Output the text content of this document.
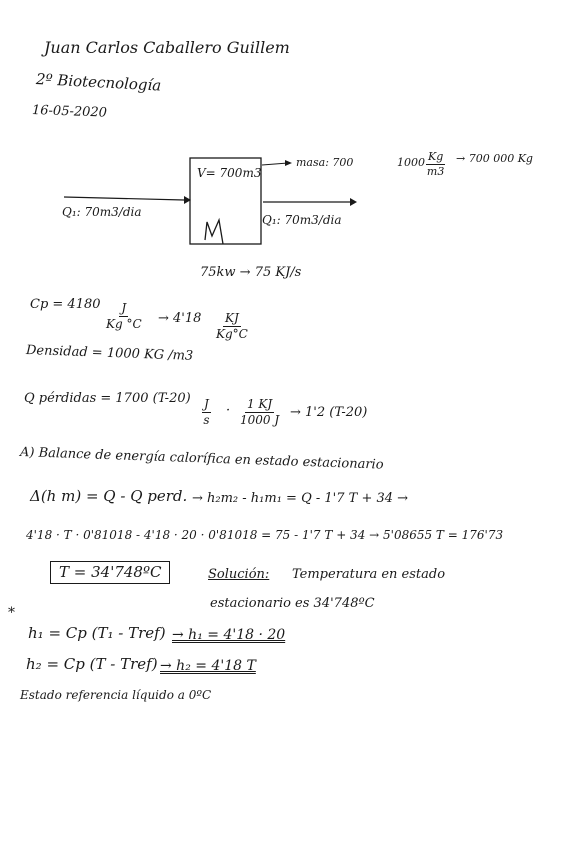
Juan Carlos Caballero Guillem
2º Biotecnología
16-05-2020
V= 700m3
Q₁: 70m3/dia
Q₁: 70m3/dia
masa: 700	$1000 \frac{Kg}{m3} \to 700$ 000 Kg
75kw → 75 KJ/s
$Cp = 4180 \frac{J}{Kg ^\circ C} \to 4'18 \frac{KJ}{Kg^\circ C}$
Densidad = 1000 KG /m3
Q pérdidas = 1700 $(T-20) \frac{J}{s} \cdot \frac{1 KJ}{1000 J} \to 1'2$ (T-20)
A) Balance de energía calorífica en estado estacionario
Δ(h m) = Q - Q perd. → h₂m₂ - h₁m₁ = Q - 1'7 T + 34 →
4'18 · T · 0'81018 - 4'18 · 20 · 0'81018 = 75 - 1'7 T + 34 → 5'08655 T = 176'73
T = 34'748ºC	Solución: Temperatura en estado
estacionario es 34'748ºC
*
h₁ = Cp (T₁ - Tref) → h₁ = 4'18 · 20
h₂ = Cp (T - Tref) → h₂ = 4'18 T
Estado referencia líquido a 0ºC
